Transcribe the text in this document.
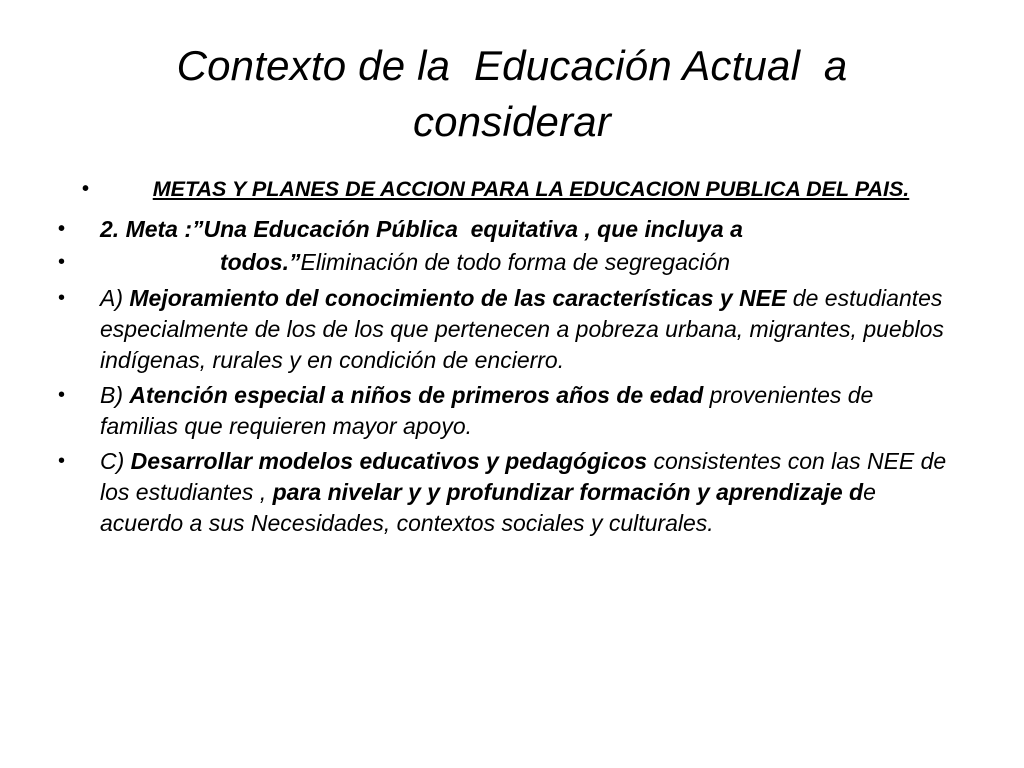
Contexto de la  Educación Actual  a
considerar
•	METAS Y PLANES DE ACCION PARA LA EDUCACION PUBLICA DEL PAIS.
• 2. Meta :”Una Educación Pública  equitativa , que incluya a
•	todos.”Eliminación de todo forma de segregación
• A) Mejoramiento del conocimiento de las características y NEE de estudiantes especialmente de los de los que pertenecen a pobreza urbana, migrantes, pueblos indígenas, rurales y en condición de encierro.
• B) Atención especial a niños de primeros años de edad provenientes de familias que requieren mayor apoyo.
• C) Desarrollar modelos educativos y pedagógicos consistentes con las NEE de los estudiantes , para nivelar y y profundizar formación y aprendizaje de acuerdo a sus Necesidades, contextos sociales y culturales.
